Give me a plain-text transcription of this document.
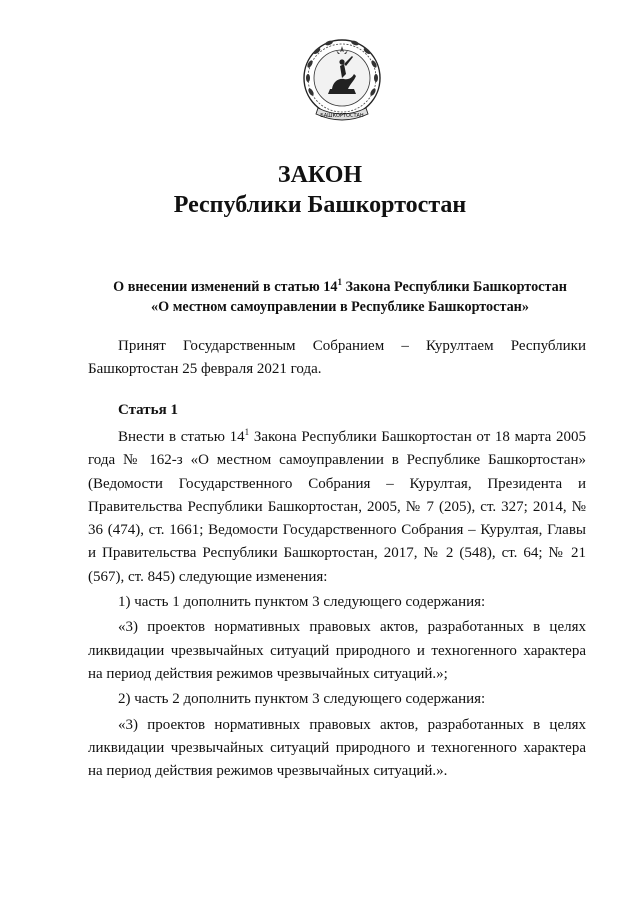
БАШКОРТОСТАН
ЗАКОН
Республики Башкортостан
О внесении изменений в статью $14^1$ Закона Республики Башкортостан
«О местном самоуправлении в Республике Башкортостан»
Принят Государственным Собранием – Курултаем Республики Башкортостан 25 февраля 2021 года.
Статья 1

Внести в статью $14^1$ Закона Республики Башкортостан от 18 марта 2005 года № 162-з «О местном самоуправлении в Республике Башкортостан» (Ведомости Государственного Собрания – Курултая, Президента и Правительства Республики Башкортостан, 2005, № 7 (205), ст. 327; 2014, № 36 (474), ст. 1661; Ведомости Государственного Собрания – Курултая, Главы и Правительства Республики Башкортостан, 2017, № 2 (548), ст. 64; № 21 (567), ст. 845) следующие изменения:

1) часть 1 дополнить пунктом 3 следующего содержания:

«3) проектов нормативных правовых актов, разработанных в целях ликвидации чрезвычайных ситуаций природного и техногенного характера на период действия режимов чрезвычайных ситуаций.»;

2) часть 2 дополнить пунктом 3 следующего содержания:

«3) проектов нормативных правовых актов, разработанных в целях ликвидации чрезвычайных ситуаций природного и техногенного характера на период действия режимов чрезвычайных ситуаций.».
